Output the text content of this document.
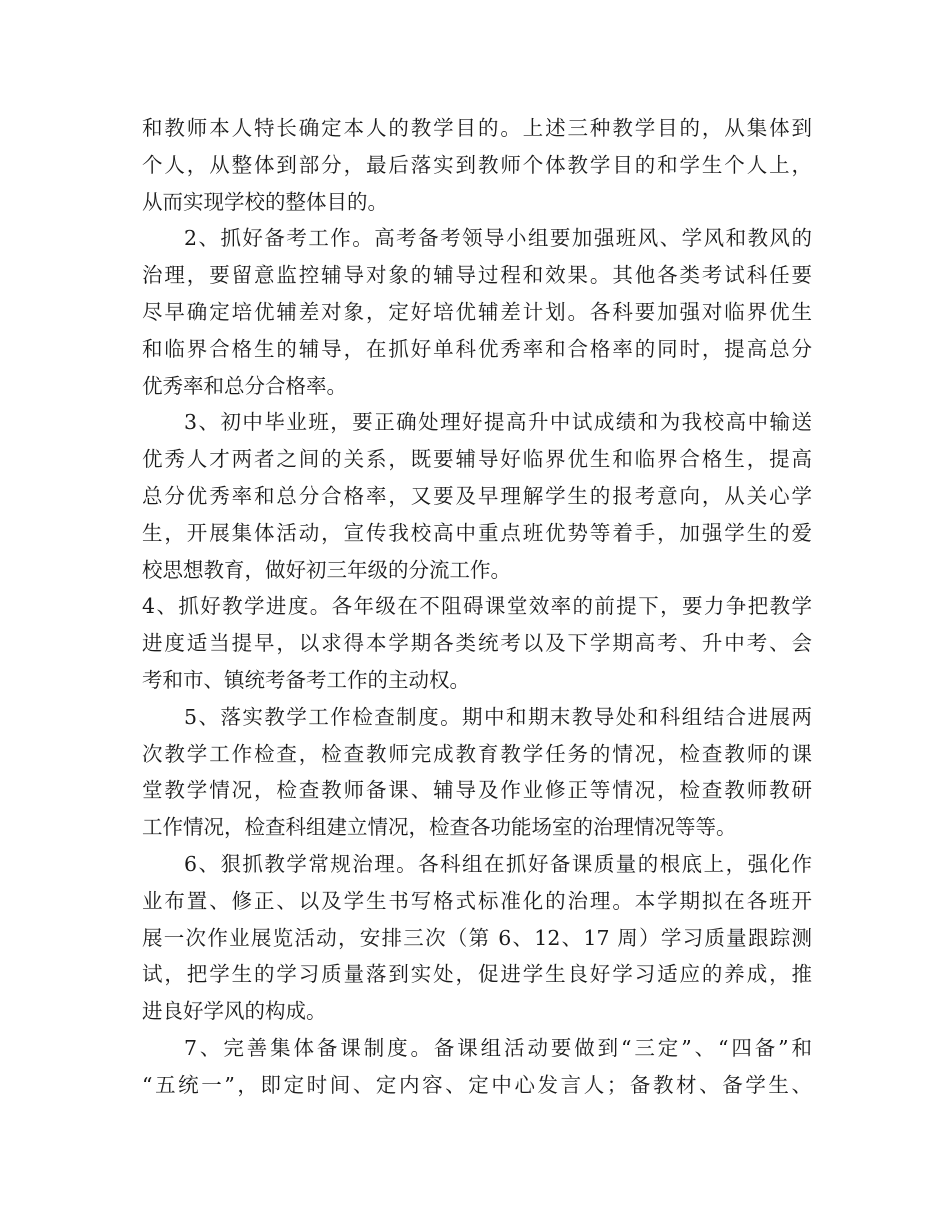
和教师本人特长确定本人的教学目的。上述三种教学目的，从集体到
个人，从整体到部分，最后落实到教师个体教学目的和学生个人上，
从而实现学校的整体目的。
2、抓好备考工作。高考备考领导小组要加强班风、学风和教风的
治理，要留意监控辅导对象的辅导过程和效果。其他各类考试科任要
尽早确定培优辅差对象，定好培优辅差计划。各科要加强对临界优生
和临界合格生的辅导，在抓好单科优秀率和合格率的同时，提高总分
优秀率和总分合格率。
3、初中毕业班，要正确处理好提高升中试成绩和为我校高中输送
优秀人才两者之间的关系，既要辅导好临界优生和临界合格生，提高
总分优秀率和总分合格率，又要及早理解学生的报考意向，从关心学
生，开展集体活动，宣传我校高中重点班优势等着手，加强学生的爱
校思想教育，做好初三年级的分流工作。
4、抓好教学进度。各年级在不阻碍课堂效率的前提下，要力争把教学
进度适当提早，以求得本学期各类统考以及下学期高考、升中考、会
考和市、镇统考备考工作的主动权。
5、落实教学工作检查制度。期中和期末教导处和科组结合进展两
次教学工作检查，检查教师完成教育教学任务的情况，检查教师的课
堂教学情况，检查教师备课、辅导及作业修正等情况，检查教师教研
工作情况，检查科组建立情况，检查各功能场室的治理情况等等。
6、狠抓教学常规治理。各科组在抓好备课质量的根底上，强化作
业布置、修正、以及学生书写格式标准化的治理。本学期拟在各班开
展一次作业展览活动，安排三次（第 6、12、17 周）学习质量跟踪测
试，把学生的学习质量落到实处，促进学生良好学习适应的养成，推
进良好学风的构成。
7、完善集体备课制度。备课组活动要做到“三定”、“四备”和
“五统一”，即定时间、定内容、定中心发言人；备教材、备学生、
